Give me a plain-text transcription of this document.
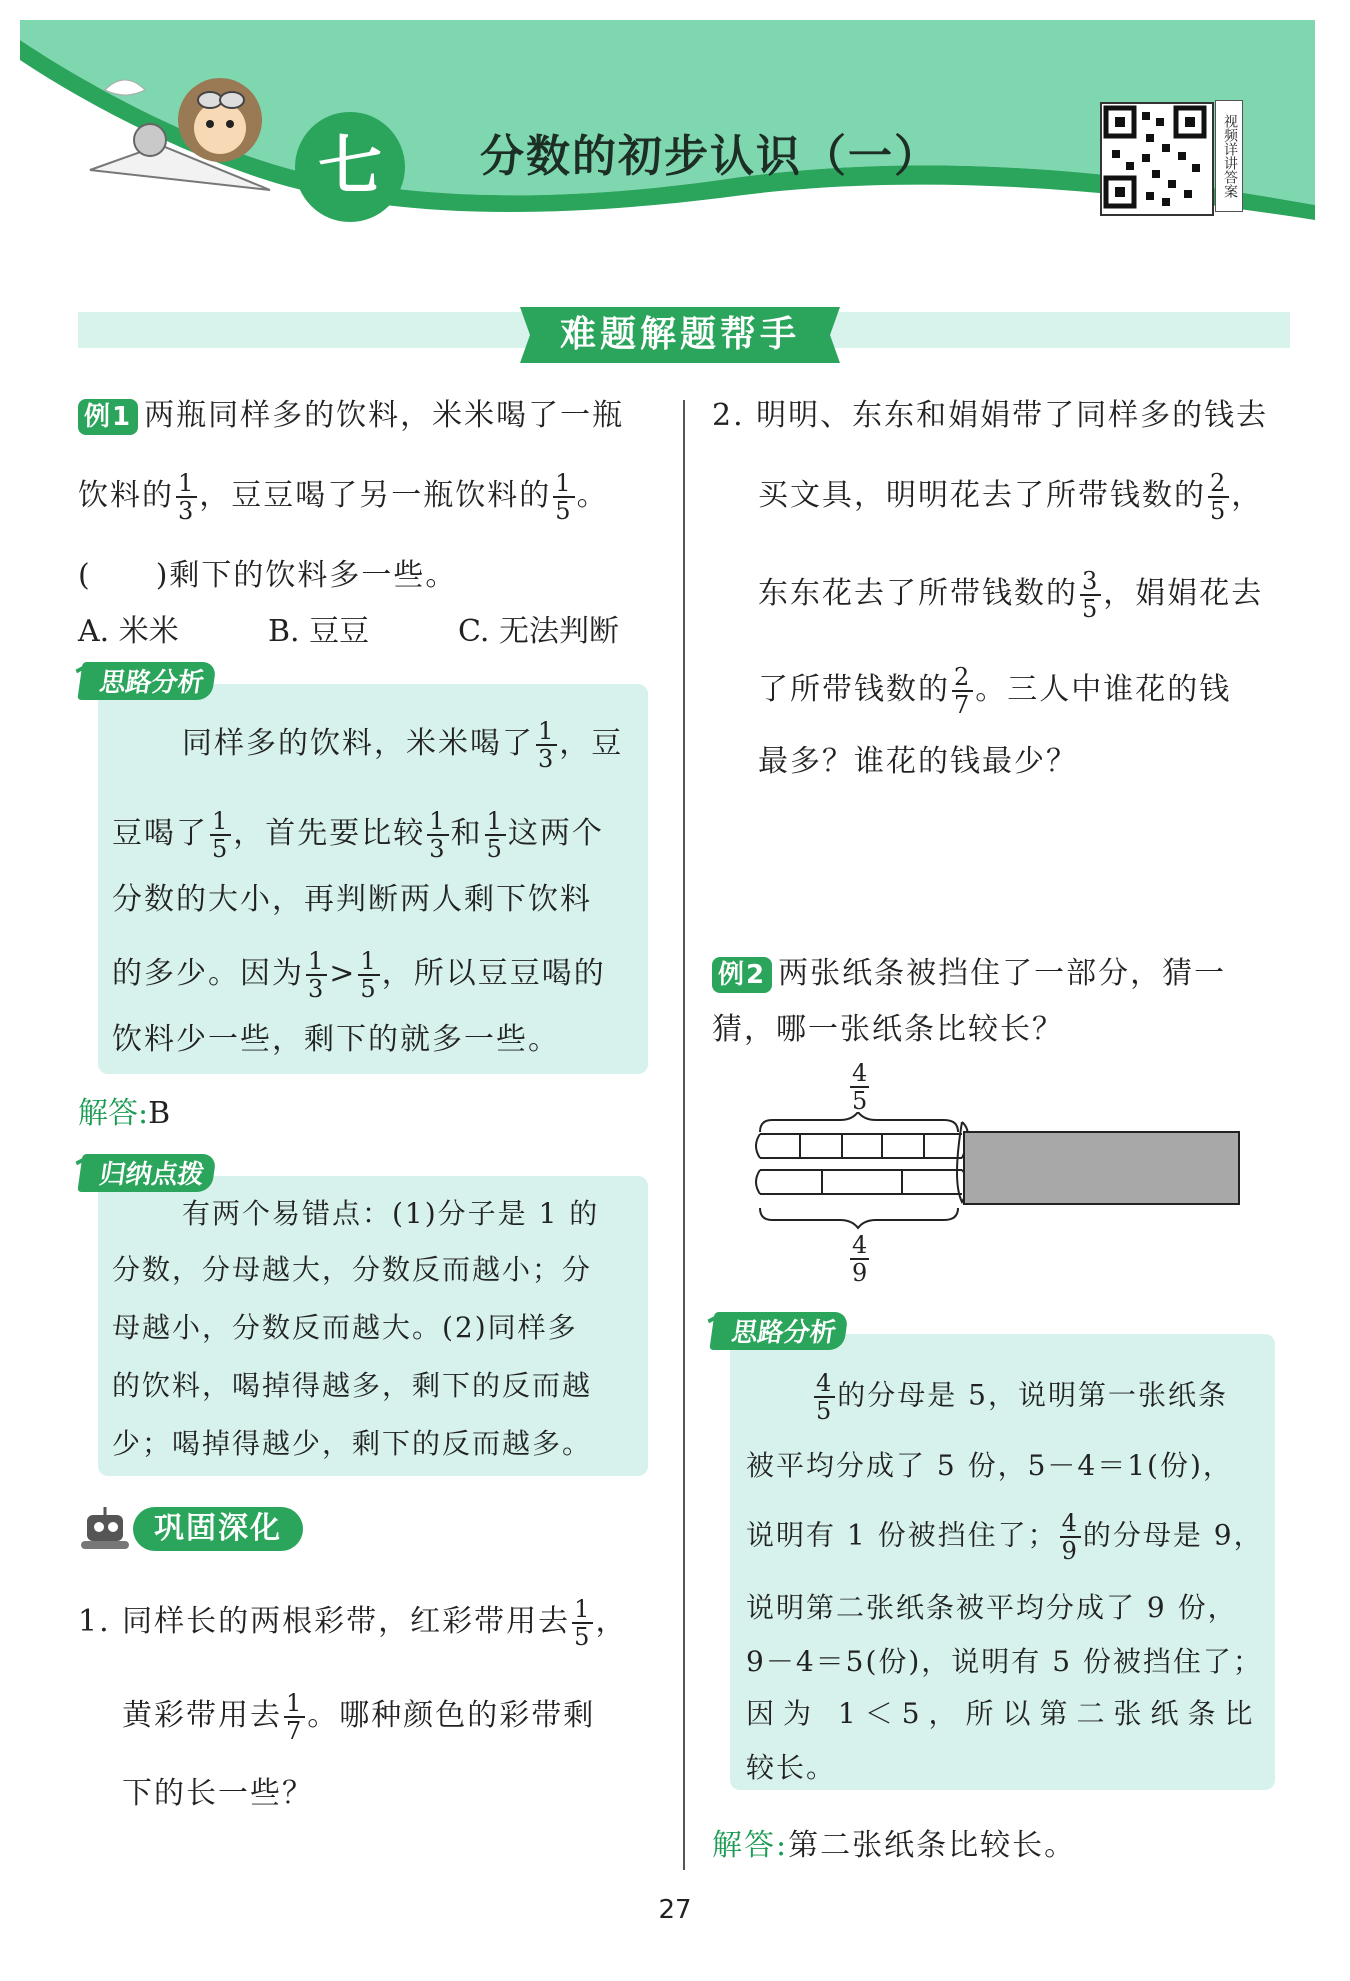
七	分数的初步认识（一）	视频详讲答案
难题解题帮手
例1 两瓶同样多的饮料，米米喝了一瓶
饮料的 $\frac{1}{3}$ ，豆豆喝了另一瓶饮料的 $\frac{1}{5}$ 。
(　　)剩下的饮料多一些。
A. 米米	B. 豆豆	C. 无法判断
思路分析
同样多的饮料，米米喝了 $\frac{1}{3}$ ，豆
豆喝了 $\frac{1}{5}$ ，首先要比较 $\frac{1}{3}$ 和 $\frac{1}{5}$ 这两个
分数的大小，再判断两人剩下饮料
的多少。因为 $\frac{1}{3} > \frac{1}{5}$ ，所以豆豆喝的
饮料少一些，剩下的就多一些。
解答:B
归纳点拨
有两个易错点：(1)分子是 1 的
分数，分母越大，分数反而越小；分
母越小，分数反而越大。(2)同样多
的饮料，喝掉得越多，剩下的反而越
少；喝掉得越少，剩下的反而越多。
巩固深化
1. 同样长的两根彩带，红彩带用去 $\frac{1}{5}$ ，
黄彩带用去 $\frac{1}{7}$ 。哪种颜色的彩带剩
下的长一些？
2. 明明、东东和娟娟带了同样多的钱去
买文具，明明花去了所带钱数的 $\frac{2}{5}$ ，
东东花去了所带钱数的 $\frac{3}{5}$ ，娟娟花去
了所带钱数的 $\frac{2}{7}$ 。三人中谁花的钱
最多？谁花的钱最少？
例2 两张纸条被挡住了一部分，猜一
猜，哪一张纸条比较长？
$\frac{4}{5}$
$\frac{4}{9}$
思路分析
$\frac{4}{5}$ 的分母是 5，说明第一张纸条
被平均分成了 5 份，5－4＝1(份)，
说明有 1 份被挡住了； $\frac{4}{9}$ 的分母是 9，
说明第二张纸条被平均分成了 9 份，
9－4＝5(份)，说明有 5 份被挡住了；
因为 1＜5，所以第二张纸条比
较长。
解答:第二张纸条比较长。
27
